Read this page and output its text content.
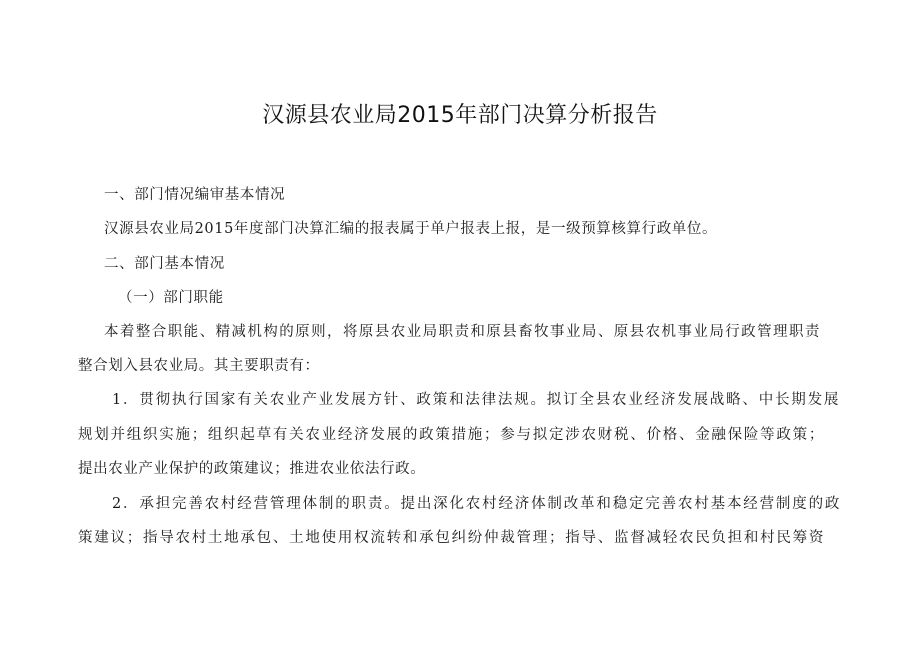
汉源县农业局2015年部门决算分析报告
一、部门情况编审基本情况
汉源县农业局2015年度部门决算汇编的报表属于单户报表上报，是一级预算核算行政单位。
二、部门基本情况
（一）部门职能
本着整合职能、精减机构的原则，将原县农业局职责和原县畜牧事业局、原县农机事业局行政管理职责
整合划入县农业局。其主要职责有：
1．贯彻执行国家有关农业产业发展方针、政策和法律法规。拟订全县农业经济发展战略、中长期发展
规划并组织实施；组织起草有关农业经济发展的政策措施；参与拟定涉农财税、价格、金融保险等政策；
提出农业产业保护的政策建议；推进农业依法行政。
2．承担完善农村经营管理体制的职责。提出深化农村经济体制改革和稳定完善农村基本经营制度的政
策建议；指导农村土地承包、土地使用权流转和承包纠纷仲裁管理；指导、监督减轻农民负担和村民筹资
